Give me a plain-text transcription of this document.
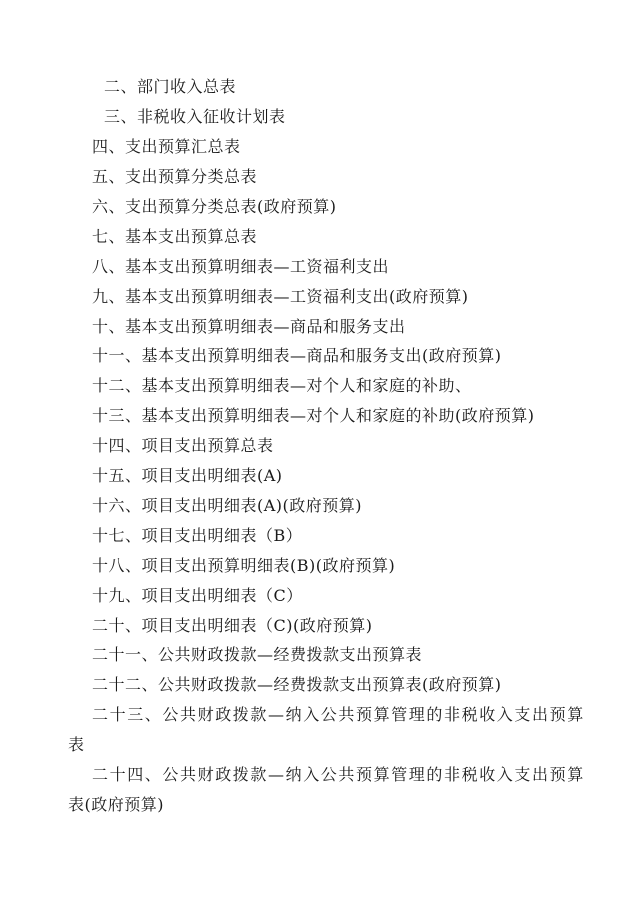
二、部门收入总表
三、非税收入征收计划表
四、支出预算汇总表
五、支出预算分类总表
六、支出预算分类总表(政府预算)
七、基本支出预算总表
八、基本支出预算明细表—工资福利支出
九、基本支出预算明细表—工资福利支出(政府预算)
十、基本支出预算明细表—商品和服务支出
十一、基本支出预算明细表—商品和服务支出(政府预算)
十二、基本支出预算明细表—对个人和家庭的补助、
十三、基本支出预算明细表—对个人和家庭的补助(政府预算)
十四、项目支出预算总表
十五、项目支出明细表(A)
十六、项目支出明细表(A)(政府预算)
十七、项目支出明细表（B）
十八、项目支出预算明细表(B)(政府预算)
十九、项目支出明细表（C）
二十、项目支出明细表（C)(政府预算)
二十一、公共财政拨款—经费拨款支出预算表
二十二、公共财政拨款—经费拨款支出预算表(政府预算)
二十三、公共财政拨款—纳入公共预算管理的非税收入支出预算
表
二十四、公共财政拨款—纳入公共预算管理的非税收入支出预算
表(政府预算)
